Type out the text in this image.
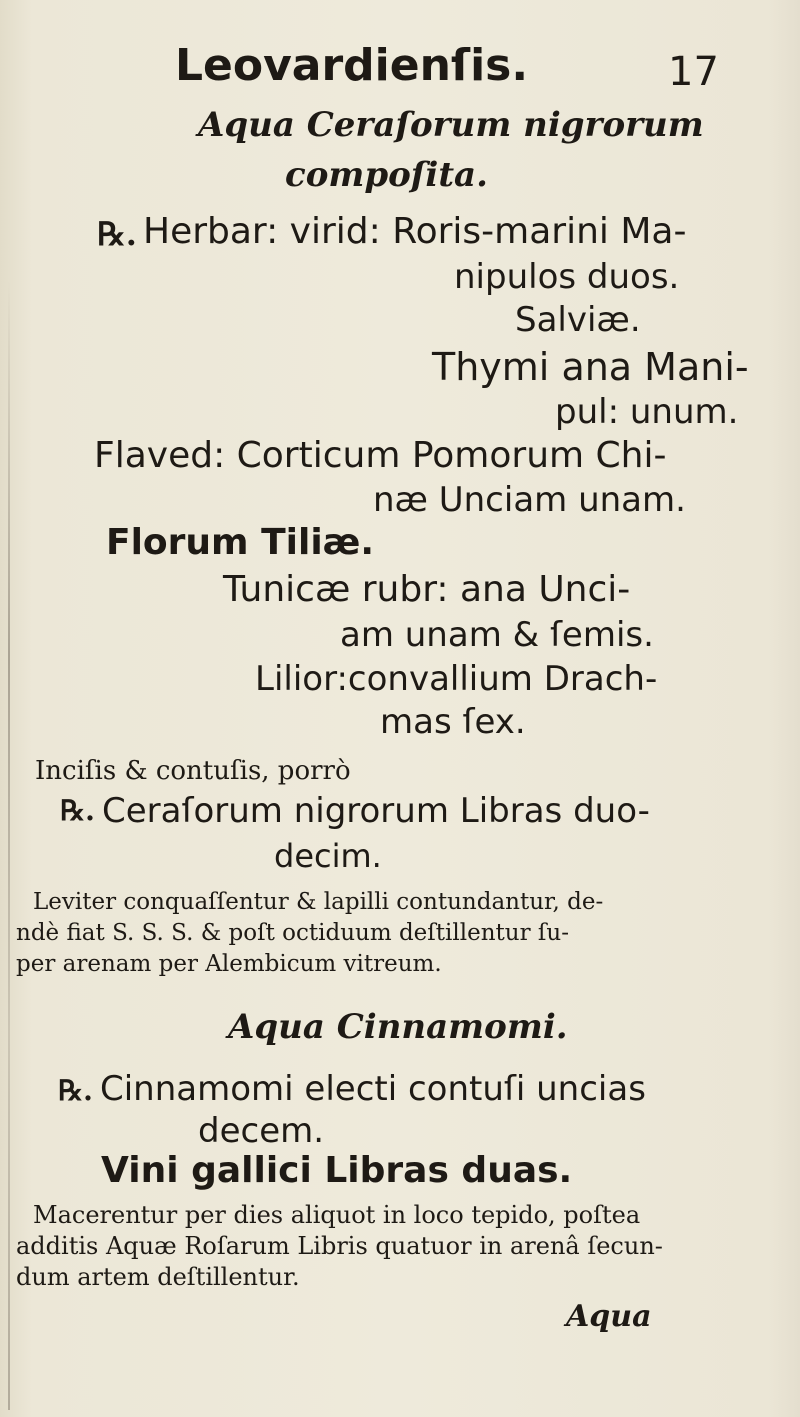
Leovardienſis.	17
Aqua Ceraſorum nigrorum
compoſita.
℞. Herbar: virid: Roris-marini Ma-
nipulos duos.
Salviæ.
Thymi ana Mani-
pul: unum.
Flaved: Corticum Pomorum Chi-
næ Unciam unam.
Florum Tiliæ.
Tunicæ rubr: ana Unci-
am unam & ſemis.
Lilior:convallium Drach-
mas ſex.
Inciſis & contuſis, porrò
℞. Ceraſorum nigrorum Libras duo-
decim.
Leviter conquaſſentur & lapilli contundantur, de-
ndè fiat S. S. S. & poſt octiduum deſtillentur ſu-
per arenam per Alembicum vitreum.
Aqua Cinnamomi.
℞. Cinnamomi electi contuſi uncias
decem.
Vini gallici Libras duas.
Macerentur per dies aliquot in loco tepido, poſtea
additis Aquæ Roſarum Libris quatuor in arenâ ſecun-
dum artem deſtillentur.
Aqua
